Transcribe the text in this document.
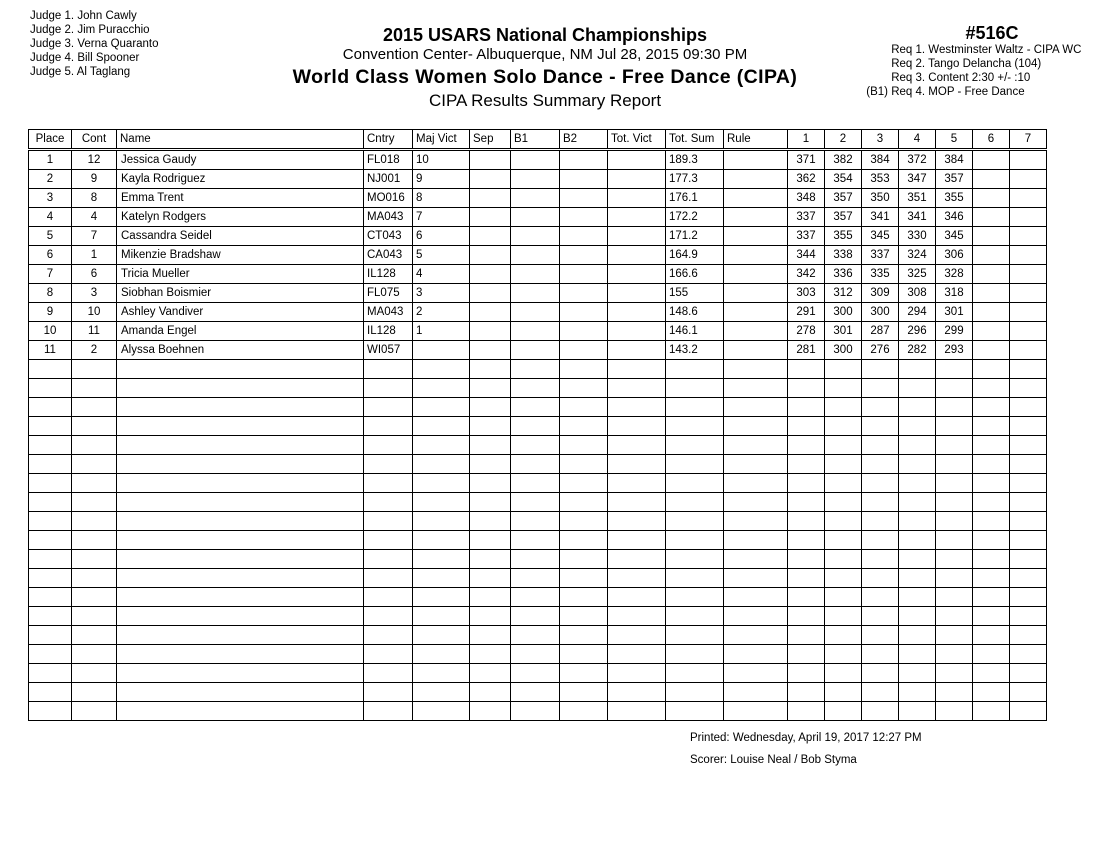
Judge 1. John Cawly
Judge 2. Jim Puracchio
Judge 3. Verna Quaranto
Judge 4. Bill Spooner
Judge 5. Al Taglang
2015 USARS National Championships
Convention Center- Albuquerque, NM Jul 28, 2015 09:30 PM
World Class Women Solo Dance - Free Dance (CIPA)
CIPA Results Summary Report
#516C
Req 1. Westminster Waltz - CIPA WC
Req 2. Tango Delancha (104)
Req 3. Content 2:30 +/- :10
(B1) Req 4. MOP - Free Dance
Place	Cont	Name	Cntry	Maj Vict	Sep	B1	B2	Tot. Vict	Tot. Sum	Rule	1	2	3	4	5	6	7
1	12	Jessica Gaudy	FL018	10					189.3		371	382	384	372	384		
2	9	Kayla Rodriguez	NJ001	9					177.3		362	354	353	347	357		
3	8	Emma Trent	MO016	8					176.1		348	357	350	351	355		
4	4	Katelyn Rodgers	MA043	7					172.2		337	357	341	341	346		
5	7	Cassandra Seidel	CT043	6					171.2		337	355	345	330	345		
6	1	Mikenzie Bradshaw	CA043	5					164.9		344	338	337	324	306		
7	6	Tricia Mueller	IL128	4					166.6		342	336	335	325	328		
8	3	Siobhan Boismier	FL075	3					155		303	312	309	308	318		
9	10	Ashley Vandiver	MA043	2					148.6		291	300	300	294	301		
10	11	Amanda Engel	IL128	1					146.1		278	301	287	296	299		
11	2	Alyssa Boehnen	WI057						143.2		281	300	276	282	293		

Printed: Wednesday, April 19, 2017 12:27 PM
Scorer: Louise Neal / Bob Styma
